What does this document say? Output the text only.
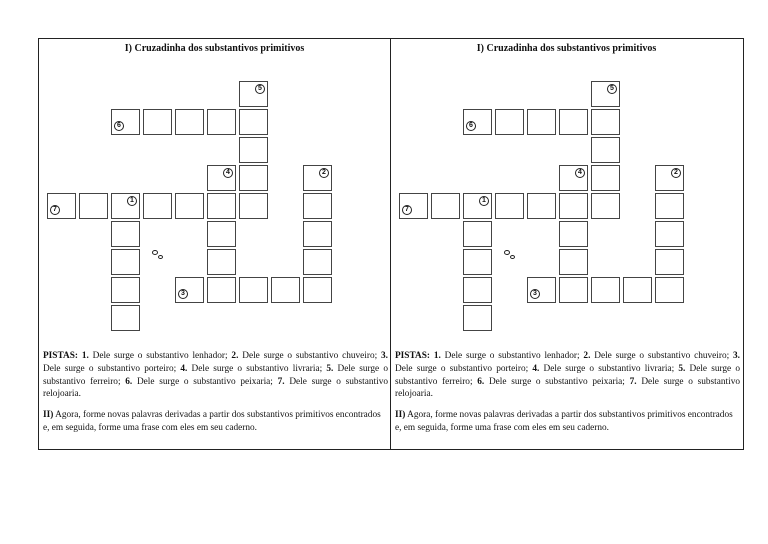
I) Cruzadinha dos substantivos primitivos
5
6
4	2
7
1
3
PISTAS: 1. Dele surge o substantivo lenhador; 2. Dele surge o substantivo chuveiro; 3. Dele surge o substantivo porteiro; 4. Dele surge o substantivo livraria; 5. Dele surge o substantivo ferreiro; 6. Dele surge o substantivo peixaria; 7. Dele surge o substantivo relojoaria.
II) Agora, forme novas palavras derivadas a partir dos substantivos primitivos encontrados e, em seguida, forme uma frase com eles em seu caderno.
I) Cruzadinha dos substantivos primitivos
5
6
4	2
7
1
3
PISTAS: 1. Dele surge o substantivo lenhador; 2. Dele surge o substantivo chuveiro; 3. Dele surge o substantivo porteiro; 4. Dele surge o substantivo livraria; 5. Dele surge o substantivo ferreiro; 6. Dele surge o substantivo peixaria; 7. Dele surge o substantivo relojoaria.
II) Agora, forme novas palavras derivadas a partir dos substantivos primitivos encontrados e, em seguida, forme uma frase com eles em seu caderno.
